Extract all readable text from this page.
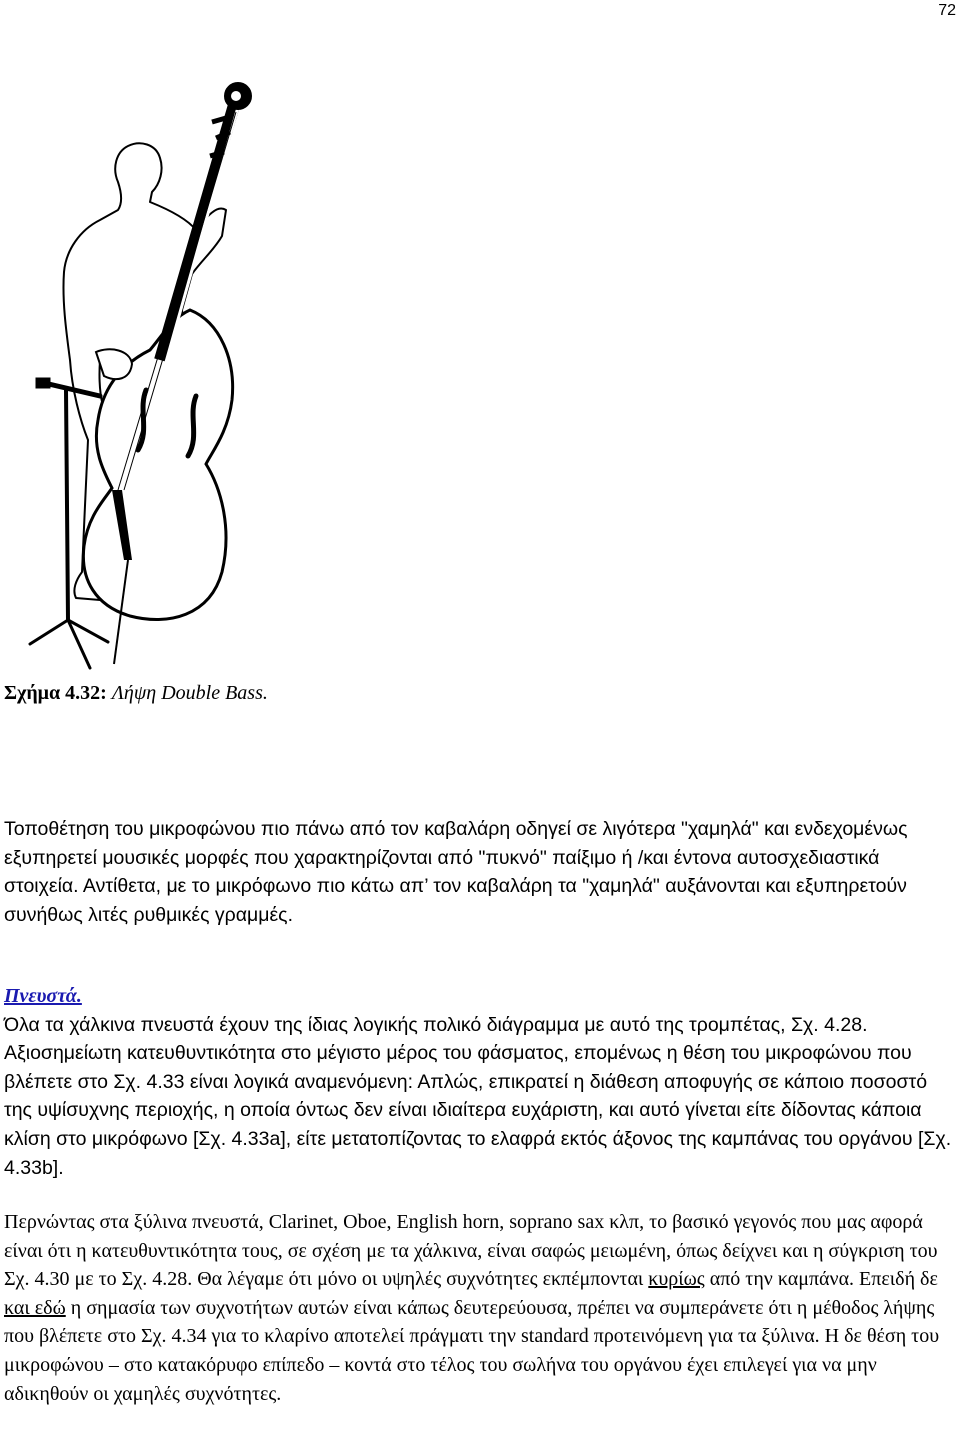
72
Σχήμα 4.32: Λήψη Double Bass.

Τοποθέτηση του μικροφώνου πιο πάνω από τον καβαλάρη οδηγεί σε λιγότερα "χαμηλά" και ενδεχομένως εξυπηρετεί μουσικές μορφές που χαρακτηρίζονται από "πυκνό" παίξιμο ή /και έντονα αυτοσχεδιαστικά στοιχεία. Αντίθετα, με το μικρόφωνο πιο κάτω απ’ τον καβαλάρη τα "χαμηλά" αυξάνονται και εξυπηρετούν συνήθως λιτές ρυθμικές γραμμές.

Πνευστά.

Όλα τα χάλκινα πνευστά έχουν της ίδιας λογικής πολικό διάγραμμα με αυτό της τρομπέτας, Σχ. 4.28. Αξιοσημείωτη κατευθυντικότητα στο μέγιστο μέρος του φάσματος, επομένως η θέση του μικροφώνου που βλέπετε στο Σχ. 4.33 είναι λογικά αναμενόμενη: Απλώς, επικρατεί η διάθεση αποφυγής σε κάποιο ποσοστό της υψίσυχνης περιοχής, η οποία όντως δεν είναι ιδιαίτερα ευχάριστη, και αυτό γίνεται είτε δίδοντας κάποια κλίση στο μικρόφωνο [Σχ. 4.33a], είτε μετατοπίζοντας το ελαφρά εκτός άξονος της καμπάνας του οργάνου [Σχ. 4.33b].

Περνώντας στα ξύλινα πνευστά, Clarinet, Oboe, English horn, soprano sax κλπ, το βασικό γεγονός που μας αφορά είναι ότι η κατευθυντικότητα τους, σε σχέση με τα χάλκινα, είναι σαφώς μειωμένη, όπως δείχνει και η σύγκριση του Σχ. 4.30 με το Σχ. 4.28. Θα λέγαμε ότι μόνο οι υψηλές συχνότητες εκπέμπονται κυρίως από την καμπάνα. Επειδή δε και εδώ η σημασία των συχνοτήτων αυτών είναι κάπως δευτερεύουσα, πρέπει να συμπεράνετε ότι η μέθοδος λήψης που βλέπετε στο Σχ. 4.34 για το κλαρίνο αποτελεί πράγματι την standard προτεινόμενη για τα ξύλινα. Η δε θέση του μικροφώνου – στο κατακόρυφο επίπεδο – κοντά στο τέλος του σωλήνα του οργάνου έχει επιλεγεί για να μην αδικηθούν οι χαμηλές συχνότητες.
